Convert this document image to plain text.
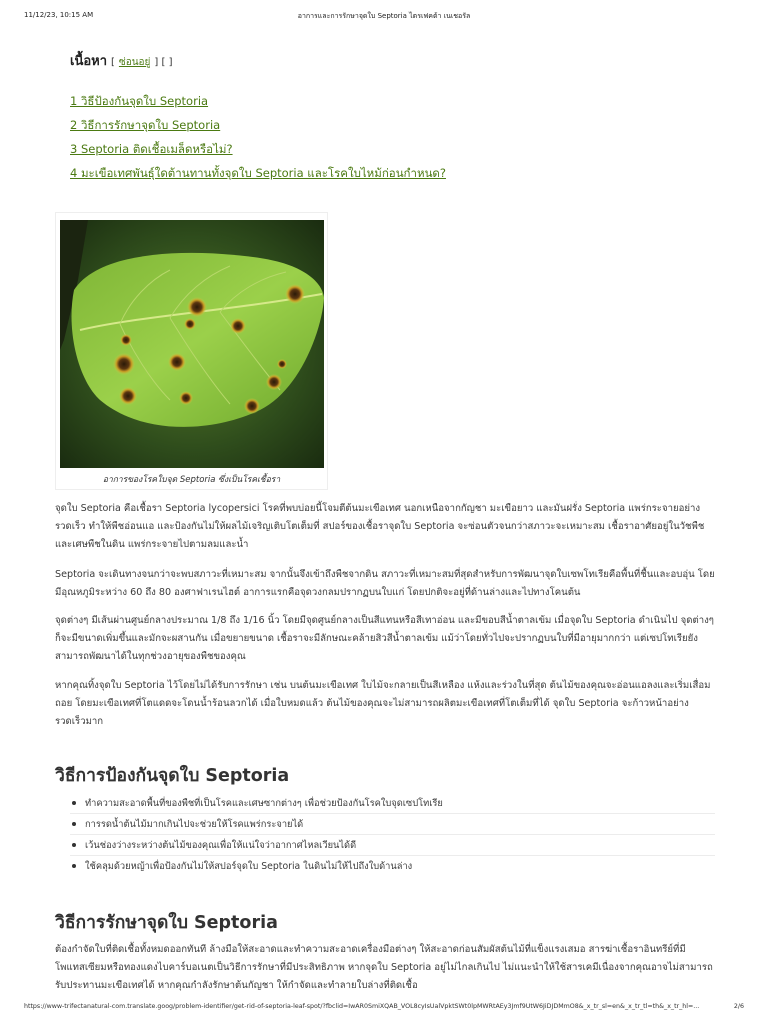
11/12/23, 10:15 AM	อาการและการรักษาจุดใบ Septoria ไตรเฟคต้า เนเชอรัล
เนื้อหา [ ซ่อนอยู่ ] [ ]
1 วิธีป้องกันจุดใบ Septoria
2 วิธีการรักษาจุดใบ Septoria
3 Septoria ติดเชื้อเมล็ดหรือไม่?
4 มะเขือเทศพันธุ์ใดต้านทานทั้งจุดใบ Septoria และโรคใบไหม้ก่อนกำหนด?
อาการของโรคใบจุด Septoria ซึ่งเป็นโรคเชื้อรา

จุดใบ Septoria คือเชื้อรา Septoria lycopersici โรคที่พบบ่อยนี้โจมตีต้นมะเขือเทศ นอกเหนือจากกัญชา มะเขือยาว และมันฝรั่ง Septoria แพร่กระจายอย่างรวดเร็ว ทำให้พืชอ่อนแอ และป้องกันไม่ให้ผลไม้เจริญเติบโตเต็มที่ สปอร์ของเชื้อราจุดใบ Septoria จะซ่อนตัวจนกว่าสภาวะจะเหมาะสม เชื้อราอาศัยอยู่ในวัชพืชและเศษพืชในดิน แพร่กระจายไปตามลมและน้ำ

Septoria จะเดินทางจนกว่าจะพบสภาวะที่เหมาะสม จากนั้นจึงเข้าถึงพืชจากดิน สภาวะที่เหมาะสมที่สุดสำหรับการพัฒนาจุดใบเซพโทเรียคือพื้นที่ชื้นและอบอุ่น โดยมีอุณหภูมิระหว่าง 60 ถึง 80 องศาฟาเรนไฮต์ อาการแรกคือจุดวงกลมปรากฏบนใบแก่ โดยปกติจะอยู่ที่ด้านล่างและไปทางโคนต้น

จุดต่างๆ มีเส้นผ่านศูนย์กลางประมาณ 1/8 ถึง 1/16 นิ้ว โดยมีจุดศูนย์กลางเป็นสีแทนหรือสีเทาอ่อน และมีขอบสีน้ำตาลเข้ม เมื่อจุดใบ Septoria ดำเนินไป จุดต่างๆ ก็จะมีขนาดเพิ่มขึ้นและมักจะผสานกัน เมื่อขยายขนาด เชื้อราจะมีลักษณะคล้ายสิวสีน้ำตาลเข้ม แม้ว่าโดยทั่วไปจะปรากฏบนใบที่มีอายุมากกว่า แต่เซปโทเรียยังสามารถพัฒนาได้ในทุกช่วงอายุของพืชของคุณ

หากคุณทิ้งจุดใบ Septoria ไว้โดยไม่ได้รับการรักษา เช่น บนต้นมะเขือเทศ ใบไม้จะกลายเป็นสีเหลือง แห้งและร่วงในที่สุด ต้นไม้ของคุณจะอ่อนแอลงและเริ่มเสื่อมถอย โดยมะเขือเทศที่โตแดดจะโดนน้ำร้อนลวกได้ เมื่อใบหมดแล้ว ต้นไม้ของคุณจะไม่สามารถผลิตมะเขือเทศที่โตเต็มที่ได้ จุดใบ Septoria จะก้าวหน้าอย่างรวดเร็วมาก

วิธีการป้องกันจุดใบ Septoria
ทำความสะอาดพื้นที่ของพืชที่เป็นโรคและเศษซากต่างๆ เพื่อช่วยป้องกันโรคใบจุดเซปโทเรีย
การรดน้ำต้นไม้มากเกินไปจะช่วยให้โรคแพร่กระจายได้
เว้นช่องว่างระหว่างต้นไม้ของคุณเพื่อให้แน่ใจว่าอากาศไหลเวียนได้ดี
ใช้คลุมด้วยหญ้าเพื่อป้องกันไม่ให้สปอร์จุดใบ Septoria ในดินไม่ให้ไปถึงใบด้านล่าง
วิธีการรักษาจุดใบ Septoria

ต้องกำจัดใบที่ติดเชื้อทั้งหมดออกทันที ล้างมือให้สะอาดและทำความสะอาดเครื่องมือต่างๆ ให้สะอาดก่อนสัมผัสต้นไม้ที่แข็งแรงเสมอ สารฆ่าเชื้อราอินทรีย์ที่มีโพแทสเซียมหรือทองแดงไบคาร์บอเนตเป็นวิธีการรักษาที่มีประสิทธิภาพ หากจุดใบ Septoria อยู่ไม่ไกลเกินไป ไม่แนะนำให้ใช้สารเคมีเนื่องจากคุณอาจไม่สามารถรับประทานมะเขือเทศได้ หากคุณกำลังรักษาต้นกัญชา ให้กำจัดและทำลายใบล่างที่ติดเชื้อ

https://www-trifectanatural-com.translate.goog/problem-identifier/get-rid-of-septoria-leaf-spot/?fbclid=IwAR0SmiXQAB_VOL8cyIsUalVpktSWt0lpMWRtAEy3Jmf9UtW6JiDJDMmO8&_x_tr_sl=en&_x_tr_tl=th&_x_tr_hl=...	2/6
